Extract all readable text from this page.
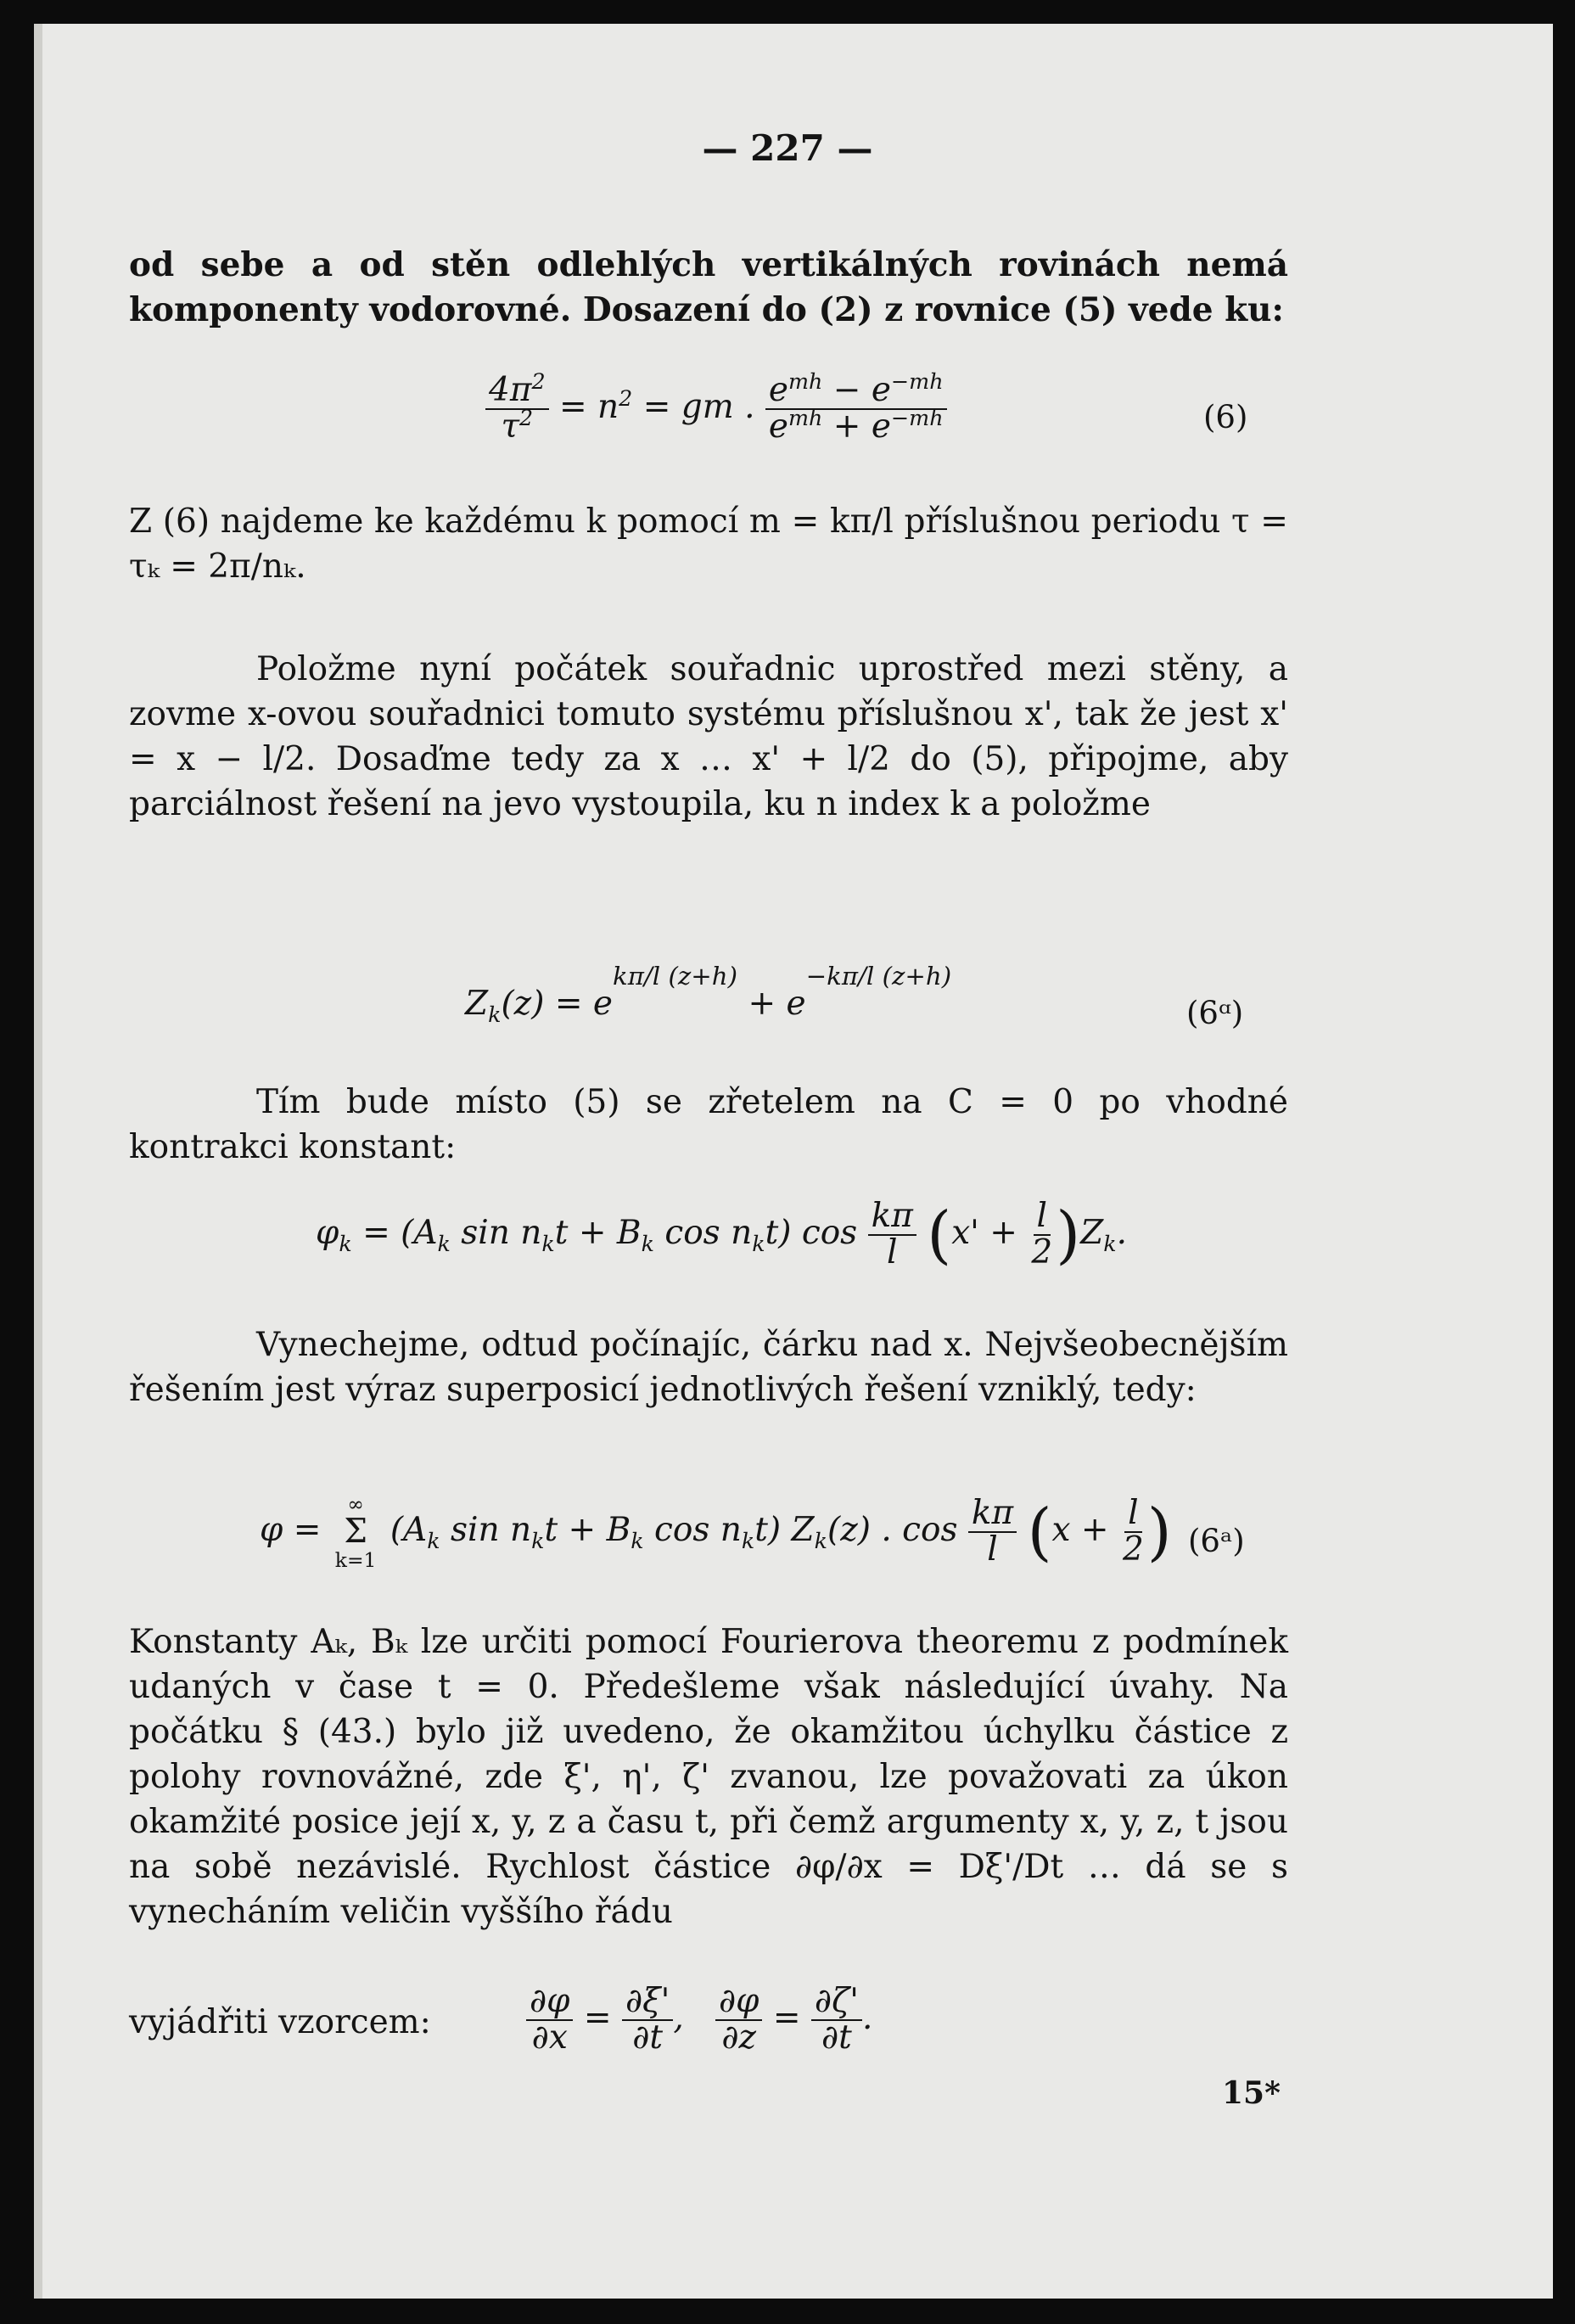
— 227 —

od sebe a od stěn odlehlých vertikálných rovinách nemá komponenty vodorovné. Dosazení do (2) z rovnice (5) vede ku:

$\frac{4\pi^2}{\tau^2} = n^2$ = gm . $e^{mh} - e^{-mh}$
$e^{mh} + e^{-mh}$	(6)

Z (6) najdeme ke každému k pomocí m = kπ/l příslušnou periodu τ = τₖ = 2π/nₖ.

Položme nyní počátek souřadnic uprostřed mezi stěny, a zovme x-ovou souřadnici tomuto systému příslušnou x', tak že jest x' = x − l/2. Dosaďme tedy za x … x' + l/2 do (5), připojme, aby parciálnost řešení na jevo vystoupila, ku n index k a položme

$Z_k(z) = e^{k\pi/l (z+h)} + e^{-k\pi/l (z+h)}$
(6ᵅ)

Tím bude místo (5) se zřetelem na C = 0 po vhodné kontrakci konstant:

$\varphi_k = (A_k$ $\sin n_kt + B_k$ $\cos n_kt$) $\cos \frac{k\pi}{l} (x' + \frac{l}{2} )Z_k$.

Vynechejme, odtud počínajíc, čárku nad x. Nejvšeobecnějším řešením jest výraz superposicí jednotlivých řešení vzniklý, tedy:

φ =
∞
Σ
k=1
($A_k$ $\sin n_kt + B_k$ $\cos n_kt$) $Z_k(z)$ . $\cos \frac{k\pi}{l} (x + \frac{l}{2}$ ) (6ᵃ)

Konstanty Aₖ, Bₖ lze určiti pomocí Fourierova theoremu z podmínek udaných v čase t = 0. Předešleme však následující úvahy. Na počátku § (43.) bylo již uvedeno, že okamžitou úchylku částice z polohy rovnovážné, zde ξ', η', ζ' zvanou, lze považovati za úkon okamžité posice její x, y, z a času t, při čemž argumenty x, y, z, t jsou na sobě nezávislé. Rychlost částice ∂φ/∂x = Dξ'/Dt … dá se s vynecháním veličin vyššího řádu

vyjádřiti vzorcem:	$\frac{\partial\varphi}{\partial x} = \frac{\partial\xi'}{\partial t}$ , $\frac{\partial\varphi}{\partial z} = \frac{\partial\zeta'}{\partial t}$ .
15*
